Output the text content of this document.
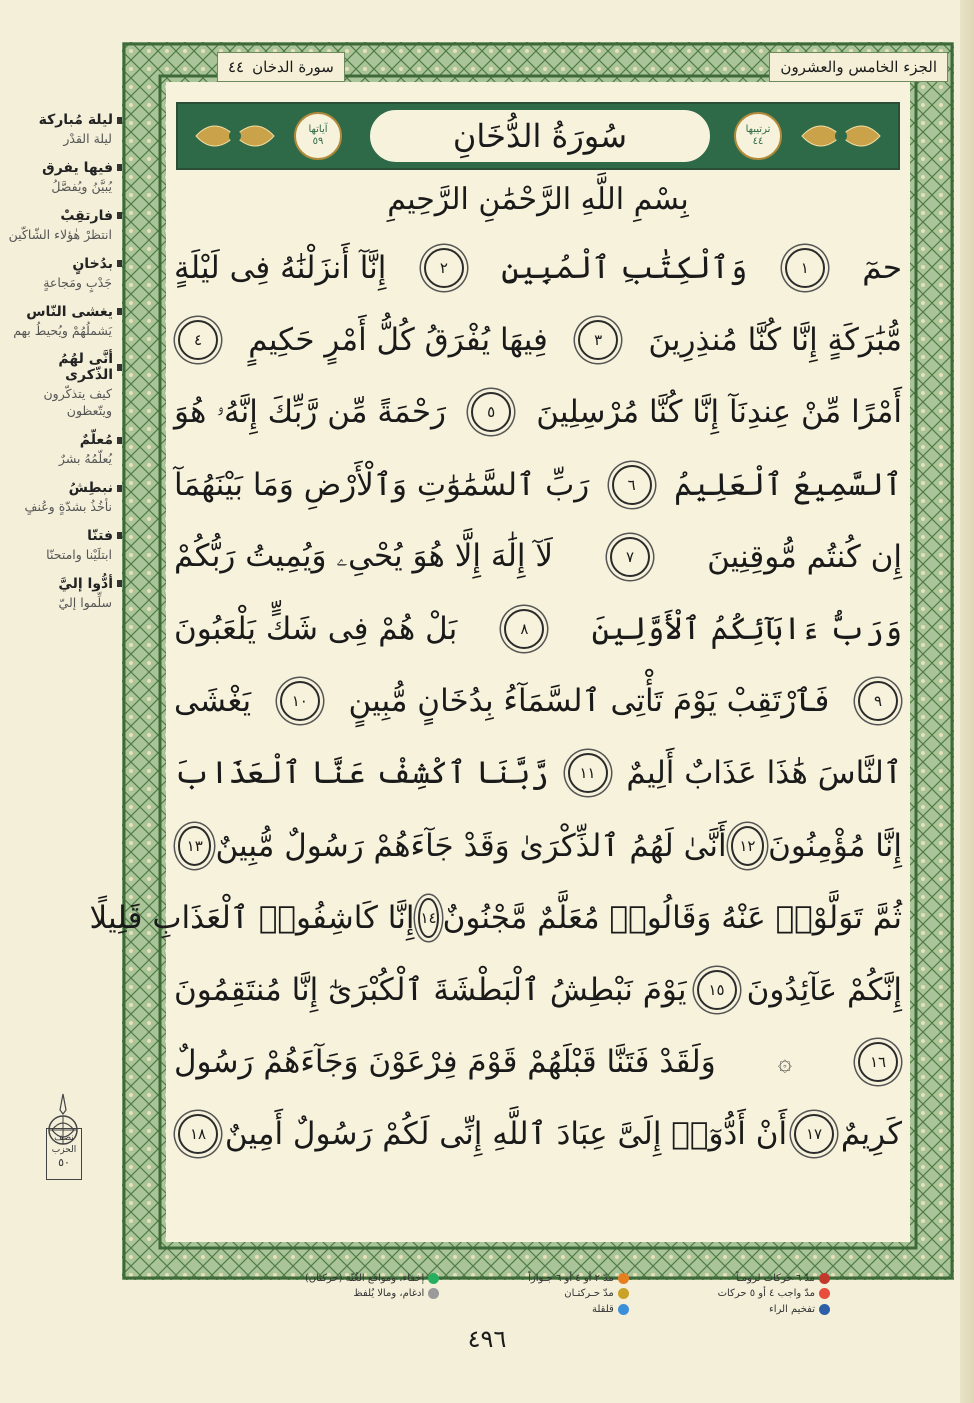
ليلة مُباركة
ليلة القدْر
فيها يفرق
يُبيَّنُ ويُفصَّلُ
فارتقِبْ
انتظرْ هٰؤلاء الشّاكّين
بدُخانٍ
جَدْبٍ ومَجاعةٍ
يغشى النّاس
يَشملُهُمْ ويُحيطُ بهم
أنَّى لهُمُ الذّكرى
كيف يتذكّرون ويتّعظون
مُعلّمٌ
يُعلّمُهُ بشرٌ
نبطِشُ
نأخُذُ بشدّةٍ وعُنفٍ
فتنّا
ابتلَيْنا وامتحنّا
أدُّوا إليَّ
سلِّموا إليّ
نصف
الحزب
٥٠
سورة الدخان
٤٤	الجزء الخامس والعشرون
آياتها
٥٩	سُورَةُ الدُّخَانِ	ترتيبها
٤٤
بِسْمِ اللَّهِ الرَّحْمَٰنِ الرَّحِيمِ
حمٓ
١
وَٱلْكِتَٰبِ ٱلْمُبِينِ
٢
إِنَّآ أَنزَلْنَٰهُ فِى لَيْلَةٍ
مُّبَٰرَكَةٍ إِنَّا كُنَّا مُنذِرِينَ
٣
فِيهَا يُفْرَقُ كُلُّ أَمْرٍ حَكِيمٍ
٤
أَمْرًا مِّنْ عِندِنَآ إِنَّا كُنَّا مُرْسِلِينَ
٥
رَحْمَةً مِّن رَّبِّكَ إِنَّهُۥ هُوَ
ٱلسَّمِيعُ ٱلْعَلِيمُ
٦
رَبِّ ٱلسَّمَٰوَٰتِ وَٱلْأَرْضِ وَمَا بَيْنَهُمَآ
إِن كُنتُم مُّوقِنِينَ
٧
لَآ إِلَٰهَ إِلَّا هُوَ يُحْىِۦ وَيُمِيتُ رَبُّكُمْ
وَرَبُّ ءَابَآئِكُمُ ٱلْأَوَّلِينَ
٨
بَلْ هُمْ فِى شَكٍّ يَلْعَبُونَ
٩
فَٱرْتَقِبْ يَوْمَ تَأْتِى ٱلسَّمَآءُ بِدُخَانٍ مُّبِينٍ
١٠
يَغْشَى
ٱلنَّاسَ هَٰذَا عَذَابٌ أَلِيمٌ
١١
رَّبَّنَا ٱكْشِفْ عَنَّا ٱلْعَذَابَ
إِنَّا مُؤْمِنُونَ
١٢
أَنَّىٰ لَهُمُ ٱلذِّكْرَىٰ وَقَدْ جَآءَهُمْ رَسُولٌ مُّبِينٌ
١٣
ثُمَّ تَوَلَّوْا۟ عَنْهُ وَقَالُوا۟ مُعَلَّمٌ مَّجْنُونٌ
١٤
إِنَّا كَاشِفُوا۟ ٱلْعَذَابِ قَلِيلًا
إِنَّكُمْ عَآئِدُونَ
١٥
يَوْمَ نَبْطِشُ ٱلْبَطْشَةَ ٱلْكُبْرَىٰٓ إِنَّا مُنتَقِمُونَ
١٦
۞
وَلَقَدْ فَتَنَّا قَبْلَهُمْ قَوْمَ فِرْعَوْنَ وَجَآءَهُمْ رَسُولٌ
كَرِيمٌ
١٧
أَنْ أَدُّوٓا۟ إِلَىَّ عِبَادَ ٱللَّهِ إِنِّى لَكُمْ رَسُولٌ أَمِينٌ
١٨
مدّ ٦ حركات لزومـاً
مدّ ٢ أو ٤ أو ٦ جـوازاً
إخفاء، ومواقع الغُنّة (حركتان)
مدّ واجب ٤ أو ٥ حركات
مدّ حـركتـان
ادغام، ومالا يُلفظ
تفخيم الراء
قلقلة
٤٩٦
